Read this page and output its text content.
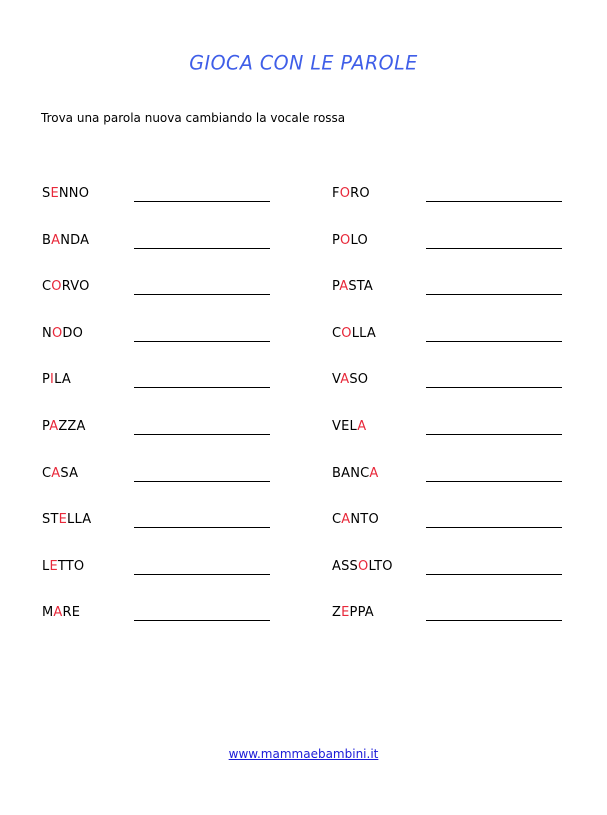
GIOCA CON LE PAROLE
Trova una parola nuova cambiando la vocale rossa
SENNO
BANDA
CORVO
NODO
PILA
PAZZA
CASA
STELLA
LETTO
MARE
FORO
POLO
PASTA
COLLA
VASO
VELA
BANCA
CANTO
ASSOLTO
ZEPPA
www.mammaebambini.it
